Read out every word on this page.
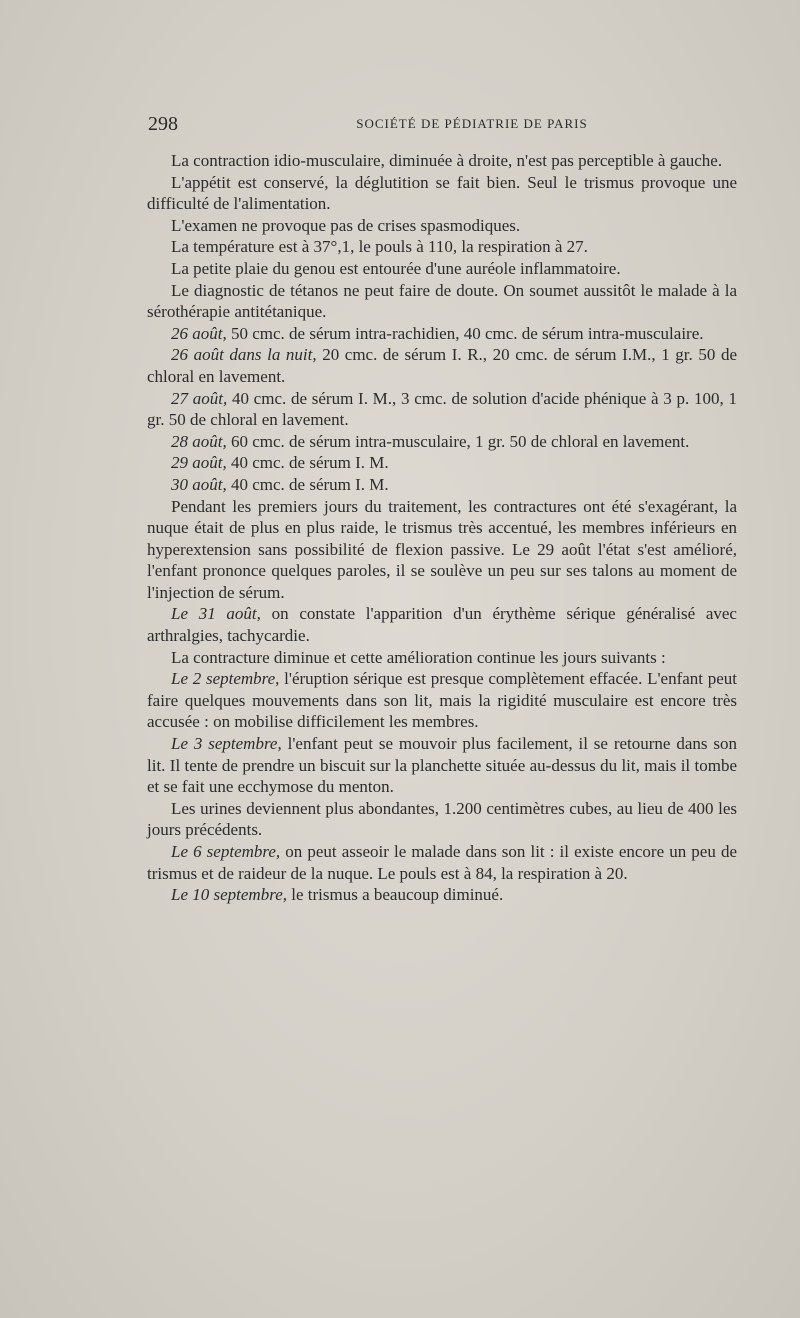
298	SOCIÉTÉ DE PÉDIATRIE DE PARIS

La contraction idio-musculaire, diminuée à droite, n'est pas perceptible à gauche.

L'appétit est conservé, la déglutition se fait bien. Seul le trismus provoque une difficulté de l'alimentation.

L'examen ne provoque pas de crises spasmodiques.

La température est à 37°,1, le pouls à 110, la respiration à 27.

La petite plaie du genou est entourée d'une auréole inflammatoire.

Le diagnostic de tétanos ne peut faire de doute. On soumet aussitôt le malade à la sérothérapie antitétanique.

26 août, 50 cmc. de sérum intra-rachidien, 40 cmc. de sérum intra-musculaire.

26 août dans la nuit, 20 cmc. de sérum I. R., 20 cmc. de sérum I.M., 1 gr. 50 de chloral en lavement.

27 août, 40 cmc. de sérum I. M., 3 cmc. de solution d'acide phénique à 3 p. 100, 1 gr. 50 de chloral en lavement.

28 août, 60 cmc. de sérum intra-musculaire, 1 gr. 50 de chloral en lavement.

29 août, 40 cmc. de sérum I. M.

30 août, 40 cmc. de sérum I. M.

Pendant les premiers jours du traitement, les contractures ont été s'exagérant, la nuque était de plus en plus raide, le trismus très accentué, les membres inférieurs en hyperextension sans possibilité de flexion passive. Le 29 août l'état s'est amélioré, l'enfant prononce quelques paroles, il se soulève un peu sur ses talons au moment de l'injection de sérum.

Le 31 août, on constate l'apparition d'un érythème sérique généralisé avec arthralgies, tachycardie.

La contracture diminue et cette amélioration continue les jours suivants :

Le 2 septembre, l'éruption sérique est presque complètement effacée. L'enfant peut faire quelques mouvements dans son lit, mais la rigidité musculaire est encore très accusée : on mobilise difficilement les membres.

Le 3 septembre, l'enfant peut se mouvoir plus facilement, il se retourne dans son lit. Il tente de prendre un biscuit sur la planchette située au-dessus du lit, mais il tombe et se fait une ecchymose du menton.

Les urines deviennent plus abondantes, 1.200 centimètres cubes, au lieu de 400 les jours précédents.

Le 6 septembre, on peut asseoir le malade dans son lit : il existe encore un peu de trismus et de raideur de la nuque. Le pouls est à 84, la respiration à 20.

Le 10 septembre, le trismus a beaucoup diminué.
